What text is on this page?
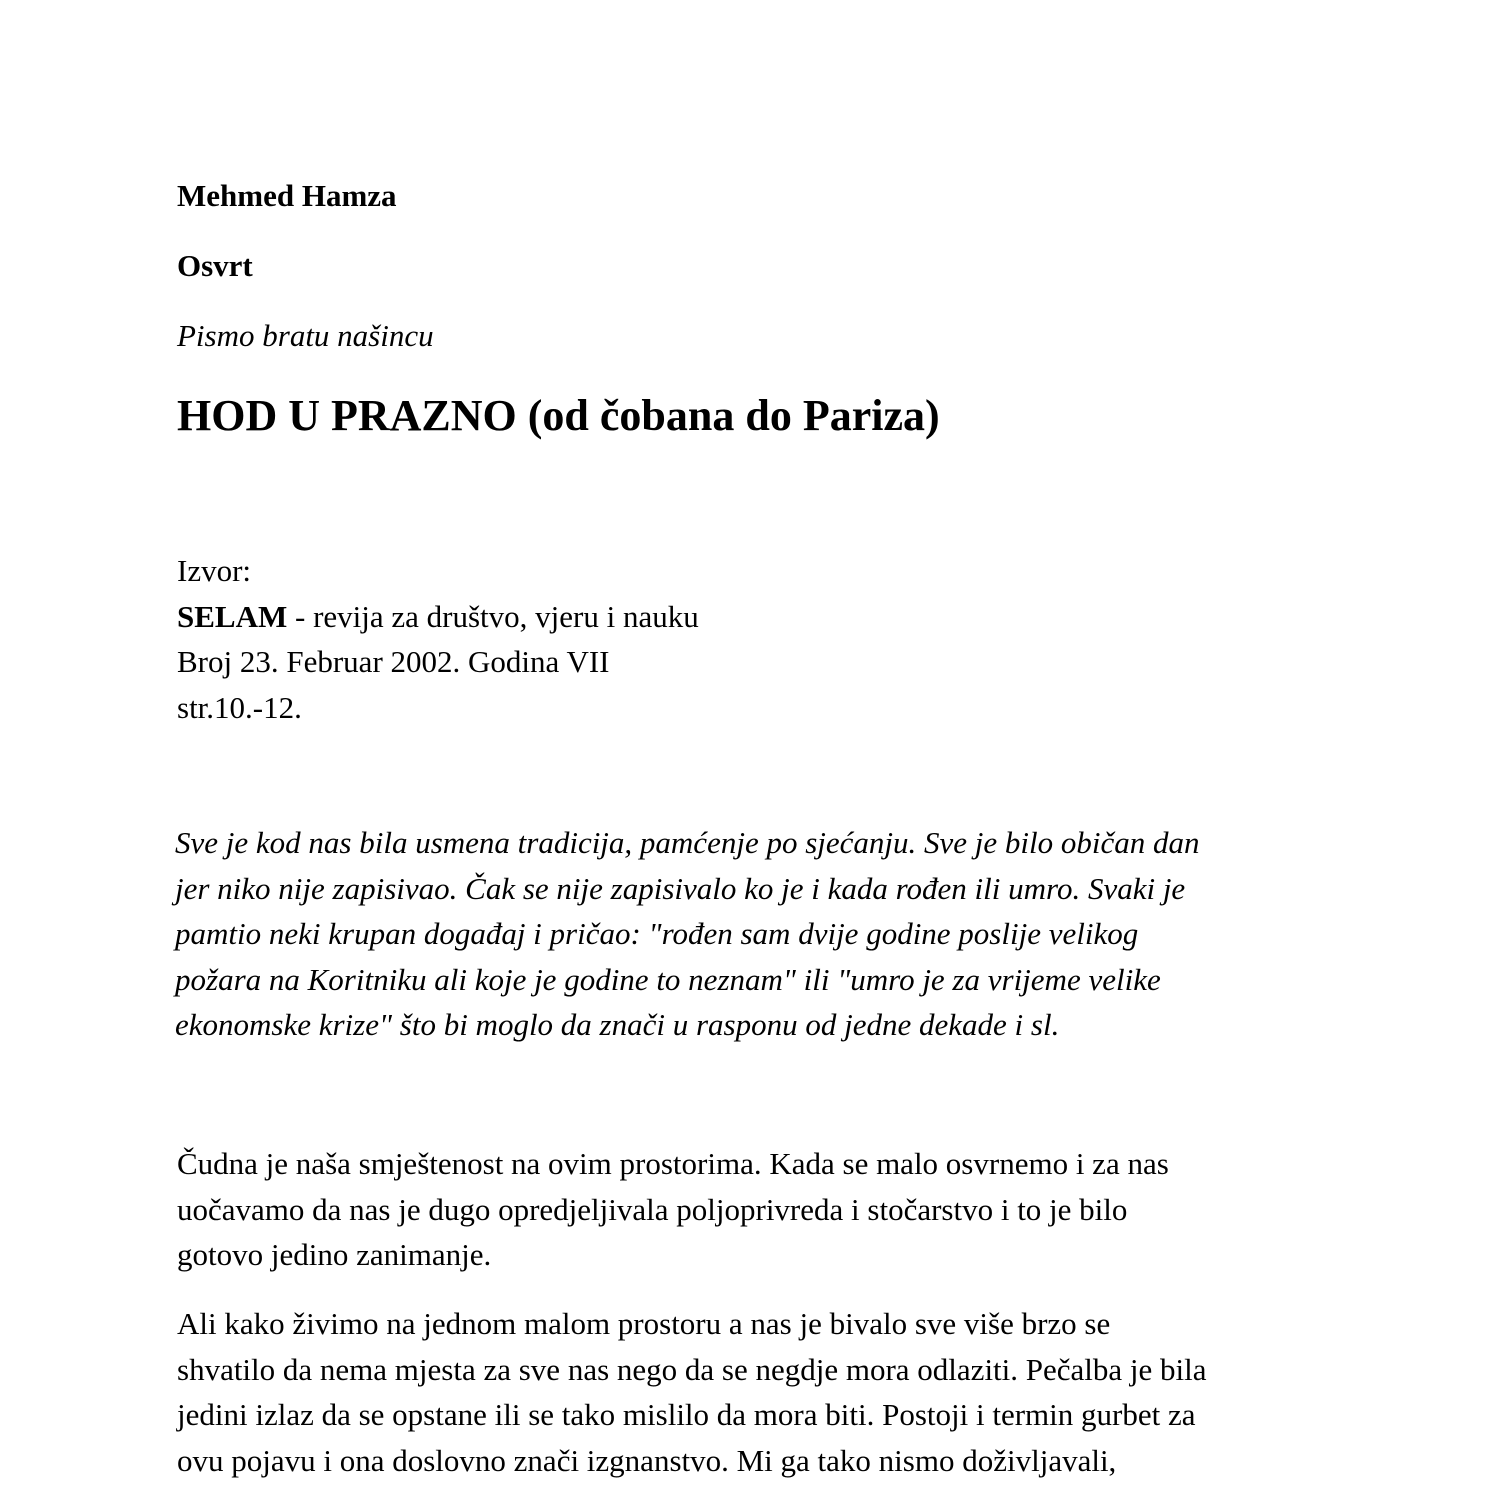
Mehmed Hamza
Osvrt
Pismo bratu našincu
HOD U PRAZNO (od čobana do Pariza)
Izvor:
SELAM - revija za društvo, vjeru i nauku
Broj 23. Februar 2002. Godina VII
str.10.-12.
Sve je kod nas bila usmena tradicija, pamćenje po sjećanju. Sve je bilo običan dan
jer niko nije zapisivao. Čak se nije zapisivalo ko je i kada rođen ili umro. Svaki je
pamtio neki krupan događaj i pričao: "rođen sam dvije godine poslije velikog
požara na Koritniku ali koje je godine to neznam" ili "umro je za vrijeme velike
ekonomske krize" što bi moglo da znači u rasponu od jedne dekade i sl.
Čudna je naša smještenost na ovim prostorima. Kada se malo osvrnemo i za nas
uočavamo da nas je dugo opredjeljivala poljoprivreda i stočarstvo i to je bilo
gotovo jedino zanimanje.
Ali kako živimo na jednom malom prostoru a nas je bivalo sve više brzo se
shvatilo da nema mjesta za sve nas nego da se negdje mora odlaziti. Pečalba je bila
jedini izlaz da se opstane ili se tako mislilo da mora biti. Postoji i termin gurbet za
ovu pojavu i ona doslovno znači izgnanstvo. Mi ga tako nismo doživljavali,
